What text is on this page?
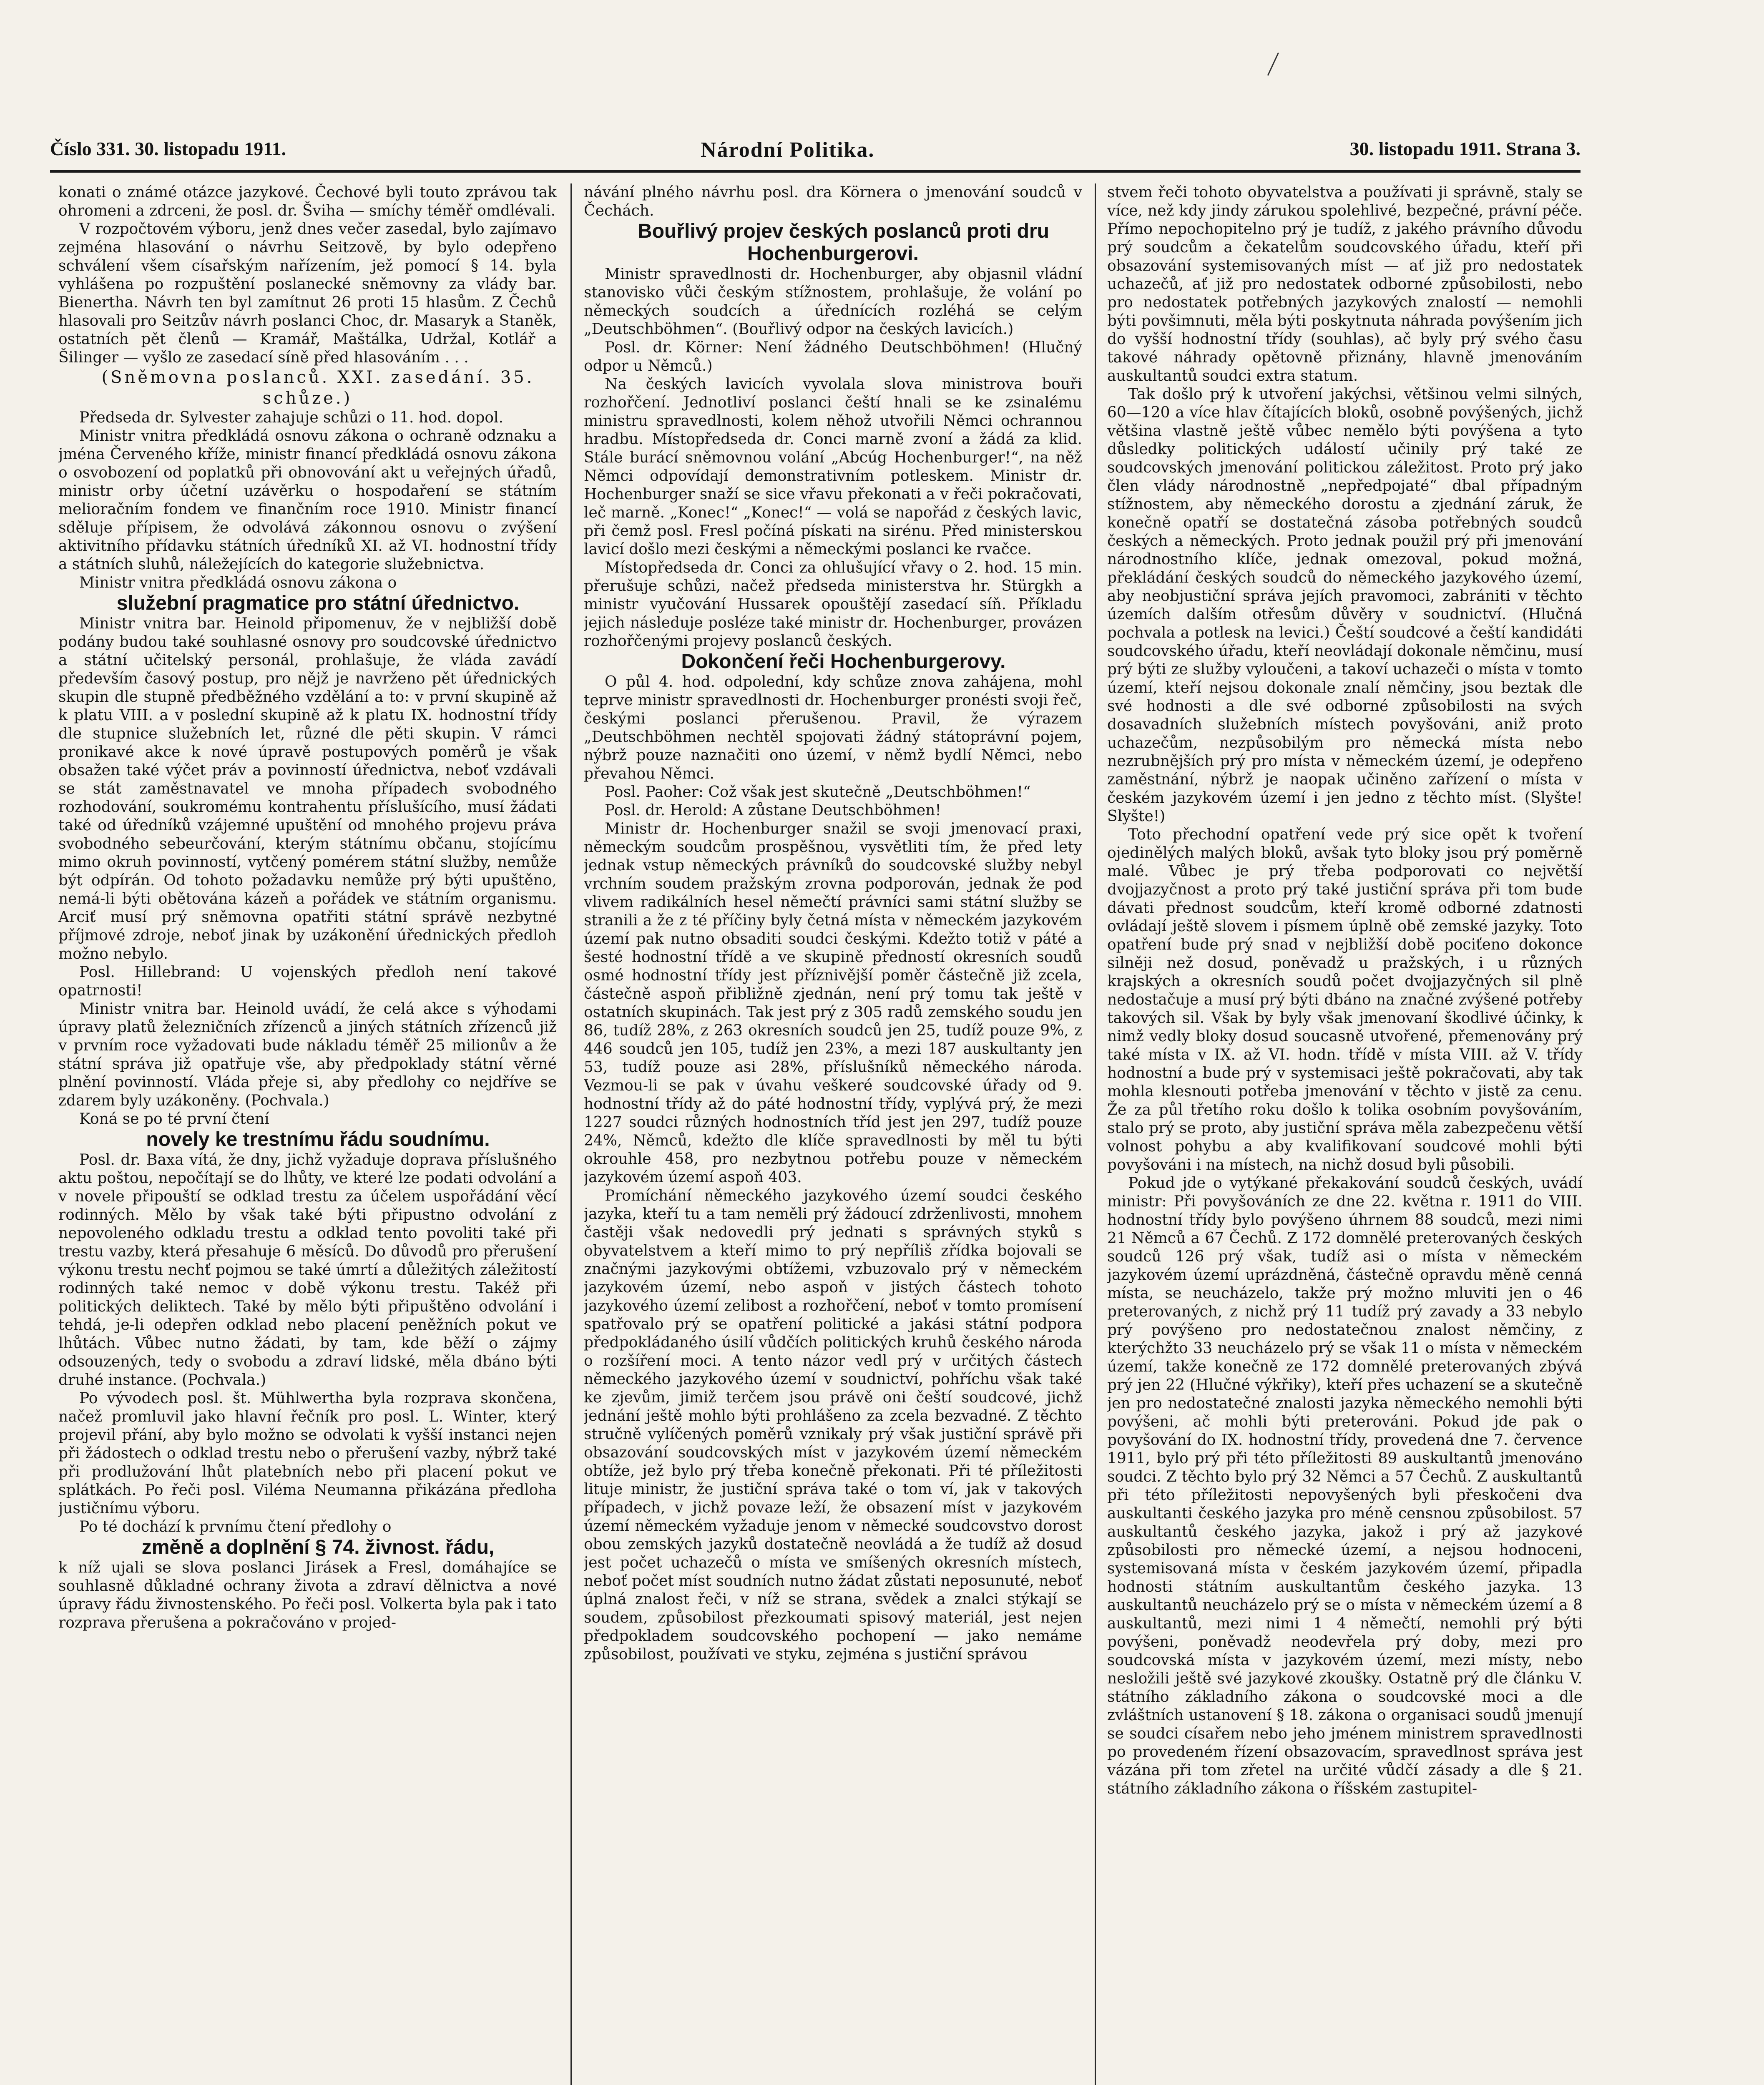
Číslo 331. 30. listopadu 1911.	Národní Politika.	30. listopadu 1911. Strana 3.

konati o známé otázce jazykové. Čechové byli touto zprávou tak ohromeni a zdrceni, že posl. dr. Šviha — smíchy téměř omdlévali.

V rozpočtovém výboru, jenž dnes večer zasedal, bylo zajímavo zejména hlasování o návrhu Seitzově, by bylo odepřeno schválení všem císařským nařízením, jež pomocí § 14. byla vyhlášena po rozpuštění poslanecké sněmovny za vlády bar. Bienertha. Návrh ten byl zamítnut 26 proti 15 hlasům. Z Čechů hlasovali pro Seitzův návrh poslanci Choc, dr. Masaryk a Staněk, ostatních pět členů — Kramář, Maštálka, Udržal, Kotlář a Šilinger — vyšlo ze zasedací síně před hlasováním . . .

(Sněmovna poslanců. XXI. zasedání. 35. schůze.)

Předseda dr. Sylvester zahajuje schůzi o 11. hod. dopol.

Ministr vnitra předkládá osnovu zákona o ochraně odznaku a jména Červeného kříže, ministr financí předkládá osnovu zákona o osvobození od poplatků při obnovování akt u veřejných úřadů, ministr orby účetní uzávěrku o hospodaření se státním melioračním fondem ve finančním roce 1910. Ministr financí sděluje přípisem, že odvolává zákonnou osnovu o zvýšení aktivitního přídavku státních úředníků XI. až VI. hodnostní třídy a státních sluhů, náležejících do kategorie služebnictva.

Ministr vnitra předkládá osnovu zákona o

služební pragmatice pro státní úřednictvo.

Ministr vnitra bar. Heinold připomenuv, že v nejbližší době podány budou také souhlasné osnovy pro soudcovské úřednictvo a státní učitelský personál, prohlašuje, že vláda zavádí především časový postup, pro nějž je navrženo pět úřednických skupin dle stupně předběžného vzdělání a to: v první skupině až k platu VIII. a v poslední skupině až k platu IX. hodnostní třídy dle stupnice služebních let, různé dle pěti skupin. V rámci pronikavé akce k nové úpravě postupových poměrů je však obsažen také výčet práv a povinností úřednictva, neboť vzdávali se stát zaměstnavatel ve mnoha případech svobodného rozhodování, soukromému kontrahentu příslušícího, musí žádati také od úředníků vzájemné upuštění od mnohého projevu práva svobodného sebeurčování, kterým státnímu občanu, stojícímu mimo okruh povinností, vytčený pomérem státní služby, nemůže být odpírán. Od tohoto požadavku nemůže prý býti upuštěno, nemá-li býti obětována kázeň a pořádek ve státním organismu. Arciť musí prý sněmovna opatřiti státní správě nezbytné příjmové zdroje, neboť jinak by uzákonění úřednických předloh možno nebylo.

Posl. Hillebrand: U vojenských předloh není takové opatrnosti!

Ministr vnitra bar. Heinold uvádí, že celá akce s výhodami úpravy platů železničních zřízenců a jiných státních zřízenců již v prvním roce vyžadovati bude nákladu téměř 25 milionův a že státní správa již opatřuje vše, aby předpoklady státní věrné plnění povinností. Vláda přeje si, aby předlohy co nejdříve se zdarem byly uzákoněny. (Pochvala.)

Koná se po té první čtení

novely ke trestnímu řádu soudnímu.

Posl. dr. Baxa vítá, že dny, jichž vyžaduje doprava příslušného aktu poštou, nepočítají se do lhůty, ve které lze podati odvolání a v novele připouští se odklad trestu za účelem uspořádání věcí rodinných. Mělo by však také býti připustno odvolání z nepovoleného odkladu trestu a odklad tento povoliti také při trestu vazby, která přesahuje 6 měsíců. Do důvodů pro přerušení výkonu trestu nechť pojmou se také úmrtí a důležitých záležitostí rodinných také nemoc v době výkonu trestu. Takéž při politických deliktech. Také by mělo býti připuštěno odvolání i tehdá, je-li odepřen odklad nebo placení peněžních pokut ve lhůtách. Vůbec nutno žádati, by tam, kde běží o zájmy odsouzených, tedy o svobodu a zdraví lidské, měla dbáno býti druhé instance. (Pochvala.)

Po vývodech posl. št. Mühlwertha byla rozprava skončena, načež promluvil jako hlavní řečník pro posl. L. Winter, který projevil přání, aby bylo možno se odvolati k vyšší instanci nejen při žádostech o odklad trestu nebo o přerušení vazby, nýbrž také při prodlužování lhůt platebních nebo při placení pokut ve splátkách. Po řeči posl. Viléma Neumanna přikázána předloha justičnímu výboru.

Po té dochází k prvnímu čtení předlohy o

změně a doplnění § 74. živnost. řádu,

k níž ujali se slova poslanci Jirásek a Fresl, domáhajíce se souhlasně důkladné ochrany života a zdraví dělnictva a nové úpravy řádu živnostenského. Po řeči posl. Volkerta byla pak i tato rozprava přerušena a pokračováno v projed-

návání plného návrhu posl. dra Körnera o jmenování soudců v Čechách.

Bouřlivý projev českých poslanců proti dru Hochenburgerovi.

Ministr spravedlnosti dr. Hochenburger, aby objasnil vládní stanovisko vůči českým stížnostem, prohlašuje, že volání po německých soudcích a úřednících rozléhá se celým „Deutschböhmen“. (Bouřlivý odpor na českých lavicích.)

Posl. dr. Körner: Není žádného Deutschböhmen! (Hlučný odpor u Němců.)

Na českých lavicích vyvolala slova ministrova bouři rozhořčení. Jednotliví poslanci čeští hnali se ke zsinalému ministru spravedlnosti, kolem něhož utvořili Němci ochrannou hradbu. Místopředseda dr. Conci marně zvoní a žádá za klid. Stále burácí sněmovnou volání „Abcúg Hochenburger!“, na něž Němci odpovídají demonstrativním potleskem. Ministr dr. Hochenburger snaží se sice vřavu překonati a v řeči pokračovati, leč marně. „Konec!“ „Konec!“ — volá se napořád z českých lavic, při čemž posl. Fresl počíná pískati na sirénu. Před ministerskou lavicí došlo mezi českými a německými poslanci ke rvačce.

Místopředseda dr. Conci za ohlušující vřavy o 2. hod. 15 min. přerušuje schůzi, načež předseda ministerstva hr. Stürgkh a ministr vyučování Hussarek opouštějí zasedací síň. Příkladu jejich následuje posléze také ministr dr. Hochenburger, provázen rozhořčenými projevy poslanců českých.

Dokončení řeči Hochenburgerovy.

O půl 4. hod. odpolední, kdy schůze znova zahájena, mohl teprve ministr spravedlnosti dr. Hochenburger pronésti svoji řeč, českými poslanci přerušenou. Pravil, že výrazem „Deutschböhmen nechtěl spojovati žádný státoprávní pojem, nýbrž pouze naznačiti ono území, v němž bydlí Němci, nebo převahou Němci.

Posl. Paoher: Což však jest skutečně „Deutschböhmen!“

Posl. dr. Herold: A zůstane Deutschböhmen!

Ministr dr. Hochenburger snažil se svoji jmenovací praxi, německým soudcům prospěšnou, vysvětliti tím, že před lety jednak vstup německých právníků do soudcovské služby nebyl vrchním soudem pražským zrovna podporován, jednak že pod vlivem radikálních hesel němečtí právníci sami státní služby se stranili a že z té příčiny byly četná místa v německém jazykovém území pak nutno obsaditi soudci českými. Kdežto totiž v páté a šesté hodnostní třídě a ve skupině předností okresních soudů osmé hodnostní třídy jest příznivější poměr částečně již zcela, částečně aspoň přibližně zjednán, není prý tomu tak ještě v ostatních skupinách. Tak jest prý z 305 radů zemského soudu jen 86, tudíž 28%, z 263 okresních soudců jen 25, tudíž pouze 9%, z 446 soudců jen 105, tudíž jen 23%, a mezi 187 auskultanty jen 53, tudíž pouze asi 28%, příslušníků německého národa. Vezmou-li se pak v úvahu veškeré soudcovské úřady od 9. hodnostní třídy až do páté hodnostní třídy, vyplývá prý, že mezi 1227 soudci různých hodnostních tříd jest jen 297, tudíž pouze 24%, Němců, kdežto dle klíče spravedlnosti by měl tu býti okrouhle 458, pro nezbytnou potřebu pouze v německém jazykovém území aspoň 403.

Promíchání německého jazykového území soudci českého jazyka, kteří tu a tam neměli prý žádoucí zdrženlivosti, mnohem častěji však nedovedli prý jednati s správných styků s obyvatelstvem a kteří mimo to prý nepříliš zřídka bojovali se značnými jazykovými obtížemi, vzbuzovalo prý v německém jazykovém území, nebo aspoň v jistých částech tohoto jazykového území zelibost a rozhořčení, neboť v tomto promísení spatřovalo prý se opatření politické a jakási státní podpora předpokládaného úsilí vůdčích politických kruhů českého národa o rozšíření moci. A tento názor vedl prý v určitých částech německého jazykového území v soudnictví, pohříchu však také ke zjevům, jimiž terčem jsou právě oni čeští soudcové, jichž jednání ještě mohlo býti prohlášeno za zcela bezvadné. Z těchto stručně vylíčených poměrů vznikaly prý však justiční správě při obsazování soudcovských míst v jazykovém území německém obtíže, jež bylo prý třeba konečně překonati. Při té příležitosti lituje ministr, že justiční správa také o tom ví, jak v takových případech, v jichž povaze leží, že obsazení míst v jazykovém území německém vyžaduje jenom v německé soudcovstvo dorost obou zemských jazyků dostatečně neovládá a že tudíž až dosud jest počet uchazečů o místa ve smíšených okresních místech, neboť počet míst soudních nutno žádat zůstati neposunuté, neboť úplná znalost řeči, v níž se strana, svědek a znalci stýkají se soudem, způsobilost přezkoumati spisový materiál, jest nejen předpokladem soudcovského pochopení — jako nemáme způsobilost, používati ve styku, zejména s justiční správou

stvem řeči tohoto obyvatelstva a používati ji správně, staly se více, než kdy jindy zárukou spolehlivé, bezpečné, právní péče. Přímo nepochopitelno prý je tudíž, z jakého právního důvodu prý soudcům a čekatelům soudcovského úřadu, kteří při obsazování systemisovaných míst — ať již pro nedostatek uchazečů, ať již pro nedostatek odborné způsobilosti, nebo pro nedostatek potřebných jazykových znalostí — nemohli býti povšimnuti, měla býti poskytnuta náhrada povýšením jich do vyšší hodnostní třídy (souhlas), ač byly prý svého času takové náhrady opětovně přiznány, hlavně jmenováním auskultantů soudci extra statum.

Tak došlo prý k utvoření jakýchsi, většinou velmi silných, 60—120 a více hlav čítajících bloků, osobně povýšených, jichž většina vlastně ještě vůbec nemělo býti povýšena a tyto důsledky politických událostí učinily prý také ze soudcovských jmenování politickou záležitost. Proto prý jako člen vlády národnostně „nepředpojaté“ dbal případným stížnostem, aby německého dorostu a zjednání záruk, že konečně opatří se dostatečná zásoba potřebných soudců českých a německých. Proto jednak použil prý při jmenování národnostního klíče, jednak omezoval, pokud možná, překládání českých soudců do německého jazykového území, aby neobjustiční správa jejích pravomoci, zabrániti v těchto územích dalším otřesům důvěry v soudnictví. (Hlučná pochvala a potlesk na levici.) Čeští soudcové a čeští kandidáti soudcovského úřadu, kteří neovládají dokonale němčinu, musí prý býti ze služby vyloučeni, a takoví uchazeči o místa v tomto území, kteří nejsou dokonale znalí němčiny, jsou beztak dle své hodnosti a dle své odborné způsobilosti na svých dosavadních služebních místech povyšováni, aniž proto uchazečům, nezpůsobilým pro německá místa nebo nezrubnějších prý pro místa v německém území, je odepřeno zaměstnání, nýbrž je naopak učiněno zařízení o místa v českém jazykovém území i jen jedno z těchto míst. (Slyšte! Slyšte!)

Toto přechodní opatření vede prý sice opět k tvoření ojedinělých malých bloků, avšak tyto bloky jsou prý poměrně malé. Vůbec je prý třeba podporovati co největší dvojjazyčnost a proto prý také justiční správa při tom bude dávati přednost soudcům, kteří kromě odborné zdatnosti ovládají ještě slovem i písmem úplně obě zemské jazyky. Toto opatření bude prý snad v nejbližší době pociťeno dokonce silněji než dosud, poněvadž u pražských, i u různých krajských a okresních soudů počet dvojjazyčných sil plně nedostačuje a musí prý býti dbáno na značné zvýšené potřeby takových sil. Však by byly však jmenovaní škodlivé účinky, k nimž vedly bloky dosud soucasně utvořené, přemenovány prý také místa v IX. až VI. hodn. třídě v místa VIII. až V. třídy hodnostní a bude prý v systemisaci ještě pokračovati, aby tak mohla klesnouti potřeba jmenování v těchto v jistě za cenu. Že za půl třetího roku došlo k tolika osobním povyšováním, stalo prý se proto, aby justiční správa měla zabezpečenu větší volnost pohybu a aby kvalifikovaní soudcové mohli býti povyšováni i na místech, na nichž dosud byli působili.

Pokud jde o vytýkané překakování soudců českých, uvádí ministr: Při povyšováních ze dne 22. května r. 1911 do VIII. hodnostní třídy bylo povýšeno úhrnem 88 soudců, mezi nimi 21 Němců a 67 Čechů. Z 172 domnělé preterovaných českých soudců 126 prý však, tudíž asi o místa v německém jazykovém území uprázdněná, částečně opravdu měně cenná místa, se neucházelo, takže prý možno mluviti jen o 46 preterovaných, z nichž prý 11 tudíž prý zavady a 33 nebylo prý povýšeno pro nedostatečnou znalost němčiny, z kterýchžto 33 neucházelo prý se však 11 o místa v německém území, takže konečně ze 172 domnělé preterovaných zbývá prý jen 22 (Hlučné výkřiky), kteří přes uchazení se a skutečně jen pro nedostatečné znalosti jazyka německého nemohli býti povýšeni, ač mohli býti preterováni. Pokud jde pak o povyšování do IX. hodnostní třídy, provedená dne 7. července 1911, bylo prý při této příležitosti 89 auskultantů jmenováno soudci. Z těchto bylo prý 32 Němci a 57 Čechů. Z auskultantů při této příležitosti nepovyšených byli přeskočeni dva auskultanti českého jazyka pro méně censnou způsobilost. 57 auskultantů českého jazyka, jakož i prý až jazykové způsobilosti pro německé území, a nejsou hodnoceni, systemisovaná místa v českém jazykovém území, připadla hodnosti státním auskultantům českého jazyka. 13 auskultantů neucházelo prý se o místa v německém území a 8 auskultantů, mezi nimi 1 4 němečtí, nemohli prý býti povýšeni, poněvadž neodevřela prý doby, mezi pro soudcovská místa v jazykovém území, mezi místy, nebo nesložili ještě své jazykové zkoušky. Ostatně prý dle článku V. státního základního zákona o soudcovské moci a dle zvláštních ustanovení § 18. zákona o organisaci soudů jmenují se soudci císařem nebo jeho jménem ministrem spravedlnosti po provedeném řízení obsazovacím, spravedlnost správa jest vázána při tom zřetel na určité vůdčí zásady a dle § 21. státního základního zákona o říšském zastupitel-
